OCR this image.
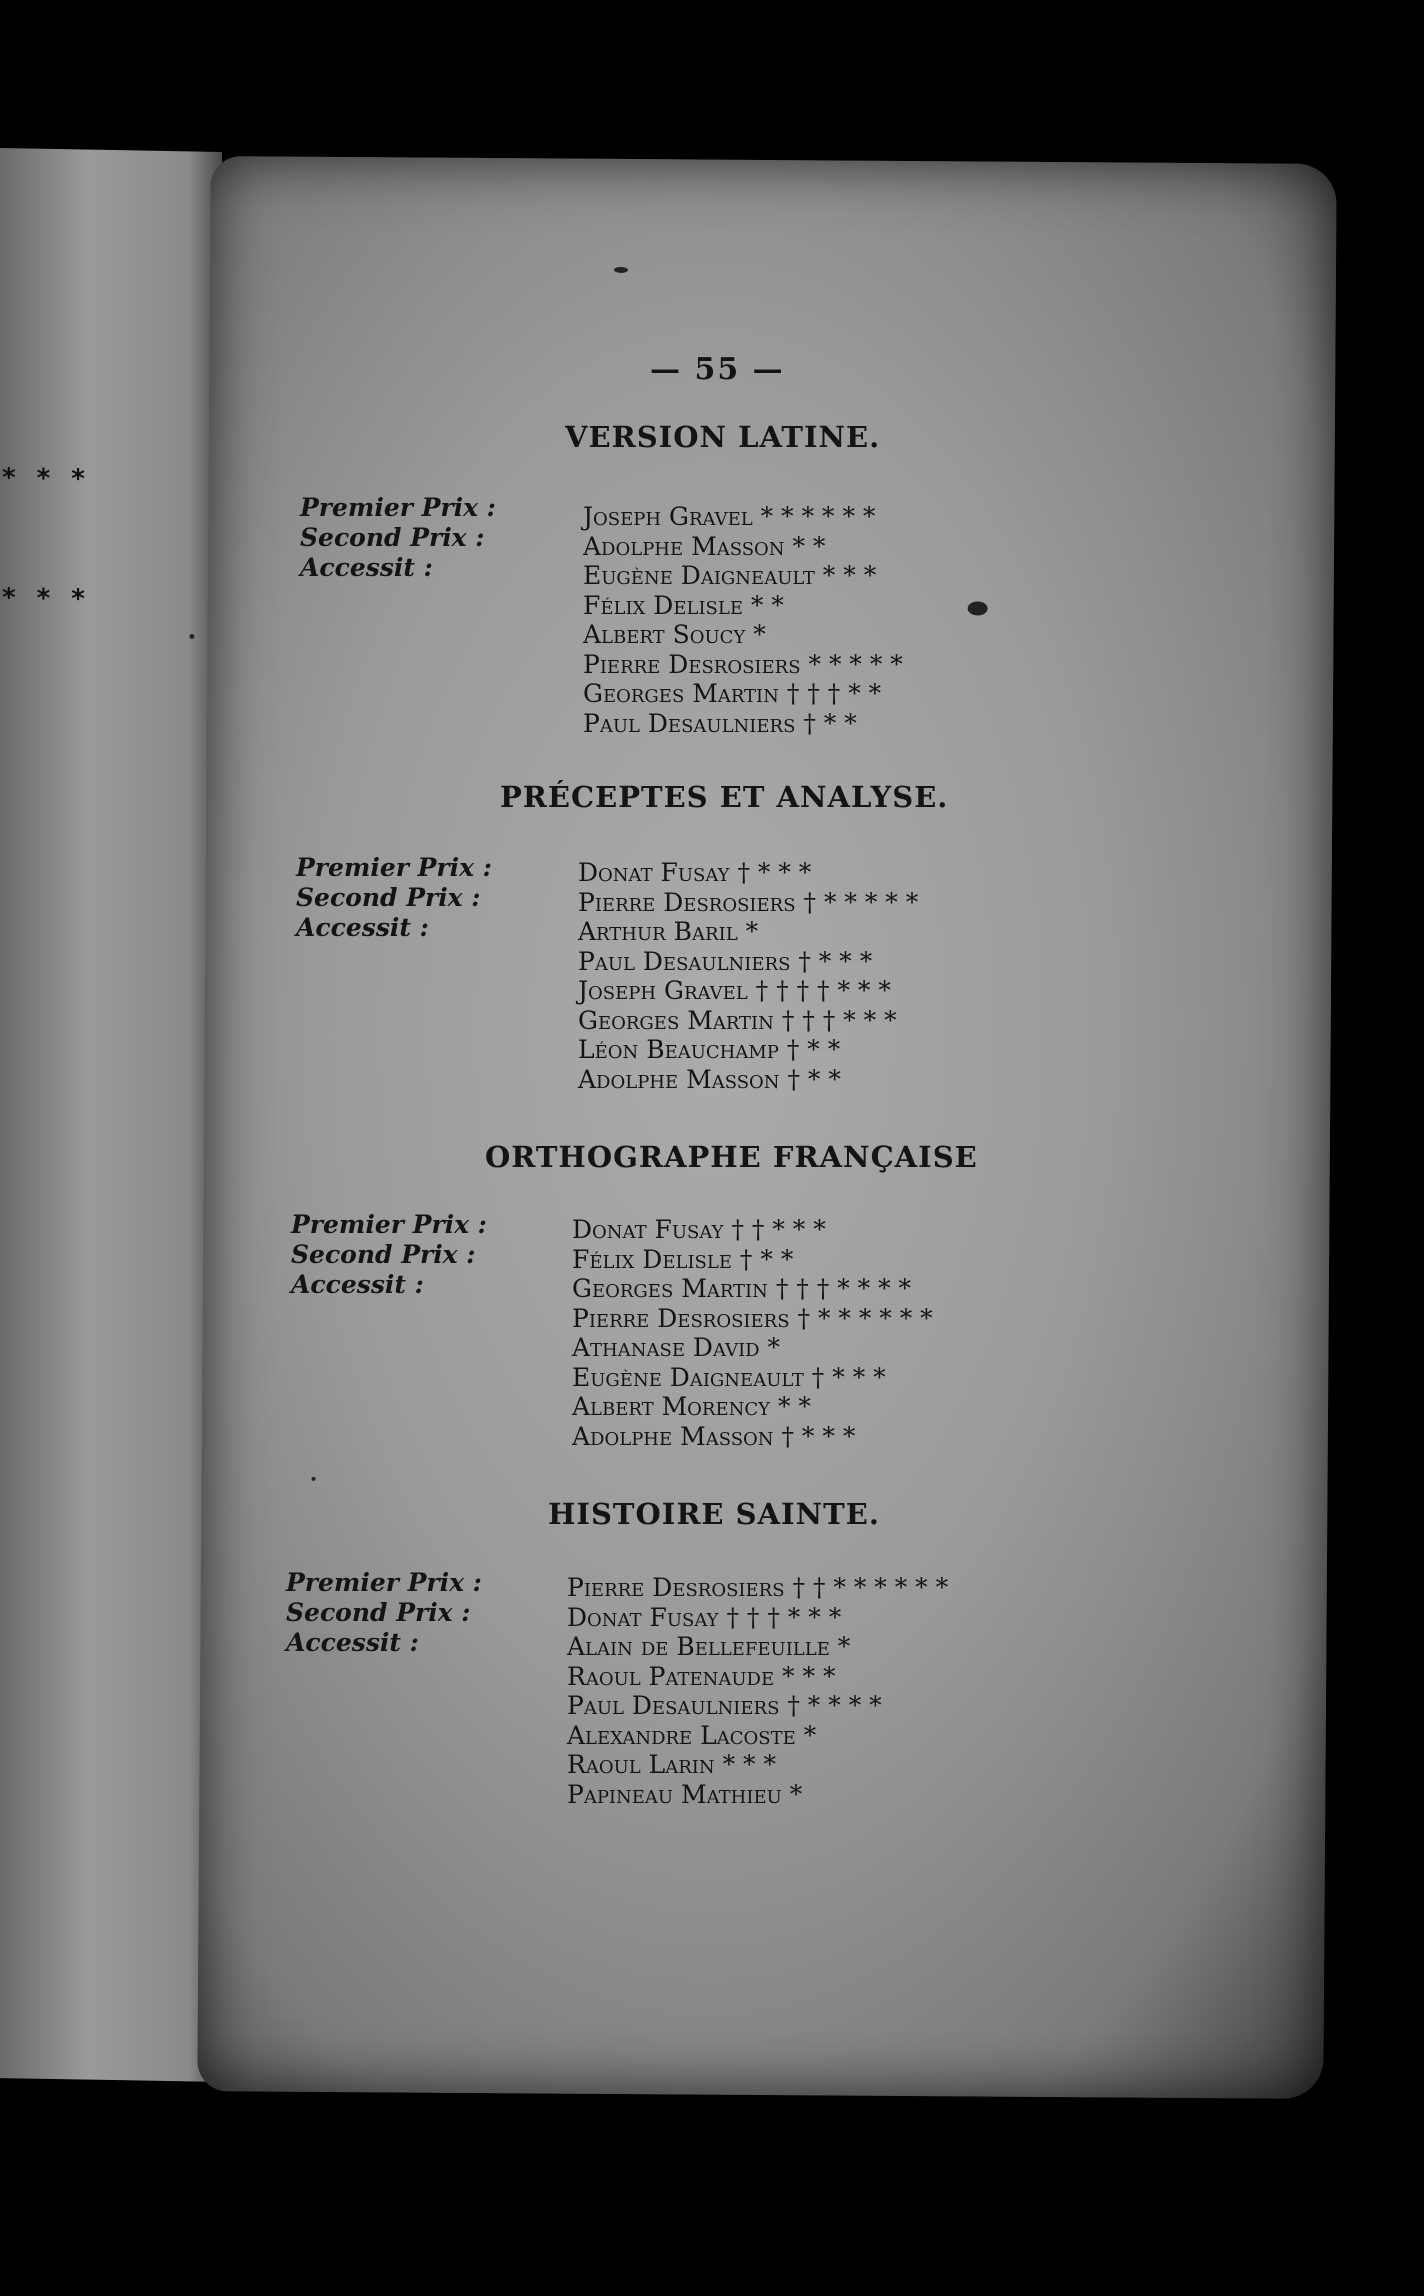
* * *
* * *
— 55 —
VERSION LATINE.
Premier Prix :
Second Prix :
Accessit :
Joseph Gravel * * * * * *
Adolphe Masson * *
Eugène Daigneault * * *
Félix Delisle * *
Albert Soucy *
Pierre Desrosiers * * * * *
Georges Martin † † † * *
Paul Desaulniers † * *
PRÉCEPTES ET ANALYSE.
Premier Prix :
Second Prix :
Accessit :
Donat Fusay † * * *
Pierre Desrosiers † * * * * *
Arthur Baril *
Paul Desaulniers † * * *
Joseph Gravel † † † † * * *
Georges Martin † † † * * *
Léon Beauchamp † * *
Adolphe Masson † * *
ORTHOGRAPHE FRANÇAISE
Premier Prix :
Second Prix :
Accessit :
Donat Fusay † † * * *
Félix Delisle † * *
Georges Martin † † † * * * *
Pierre Desrosiers † * * * * * *
Athanase David *
Eugène Daigneault † * * *
Albert Morency * *
Adolphe Masson † * * *
HISTOIRE SAINTE.
Premier Prix :
Second Prix :
Accessit :
Pierre Desrosiers † † * * * * * *
Donat Fusay † † † * * *
Alain de Bellefeuille *
Raoul Patenaude * * *
Paul Desaulniers † * * * *
Alexandre Lacoste *
Raoul Larin * * *
Papineau Mathieu *
